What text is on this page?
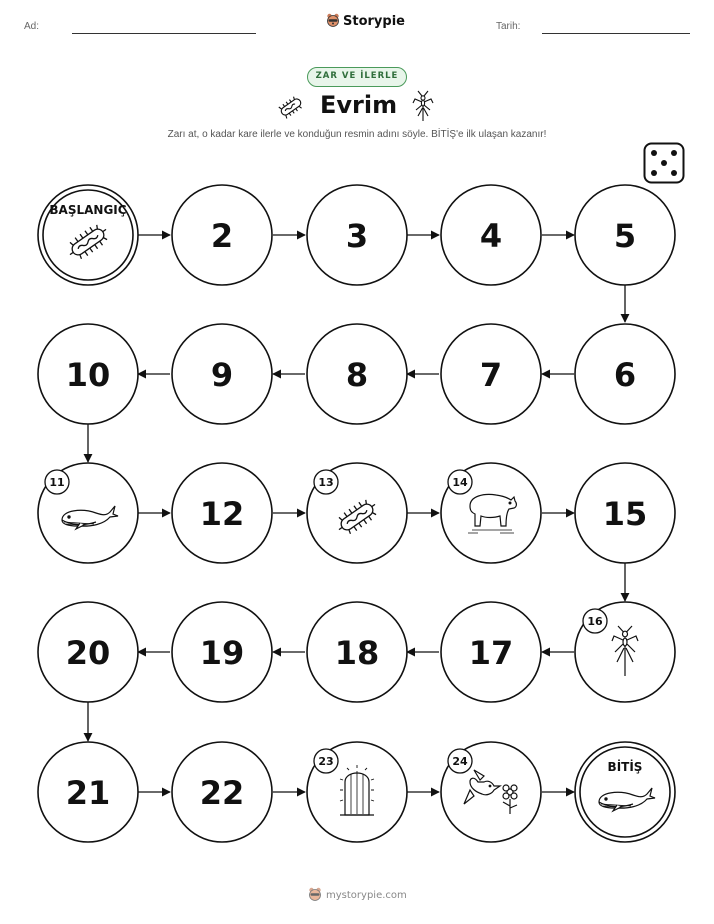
Ad:	Storypie	Tarih:
ZAR VE İLERLE
Evrim
Zarı at, o kadar kare ilerle ve konduğun resmin adını söyle. BİTİŞ'e ilk ulaşan kazanır!
BAŞLANGIÇ
2	3	4	5
6
7
8
9
10
11
12
13	14
15
16
17
18
19
20
21	22
23	24	BİTİŞ
mystorypie.com
